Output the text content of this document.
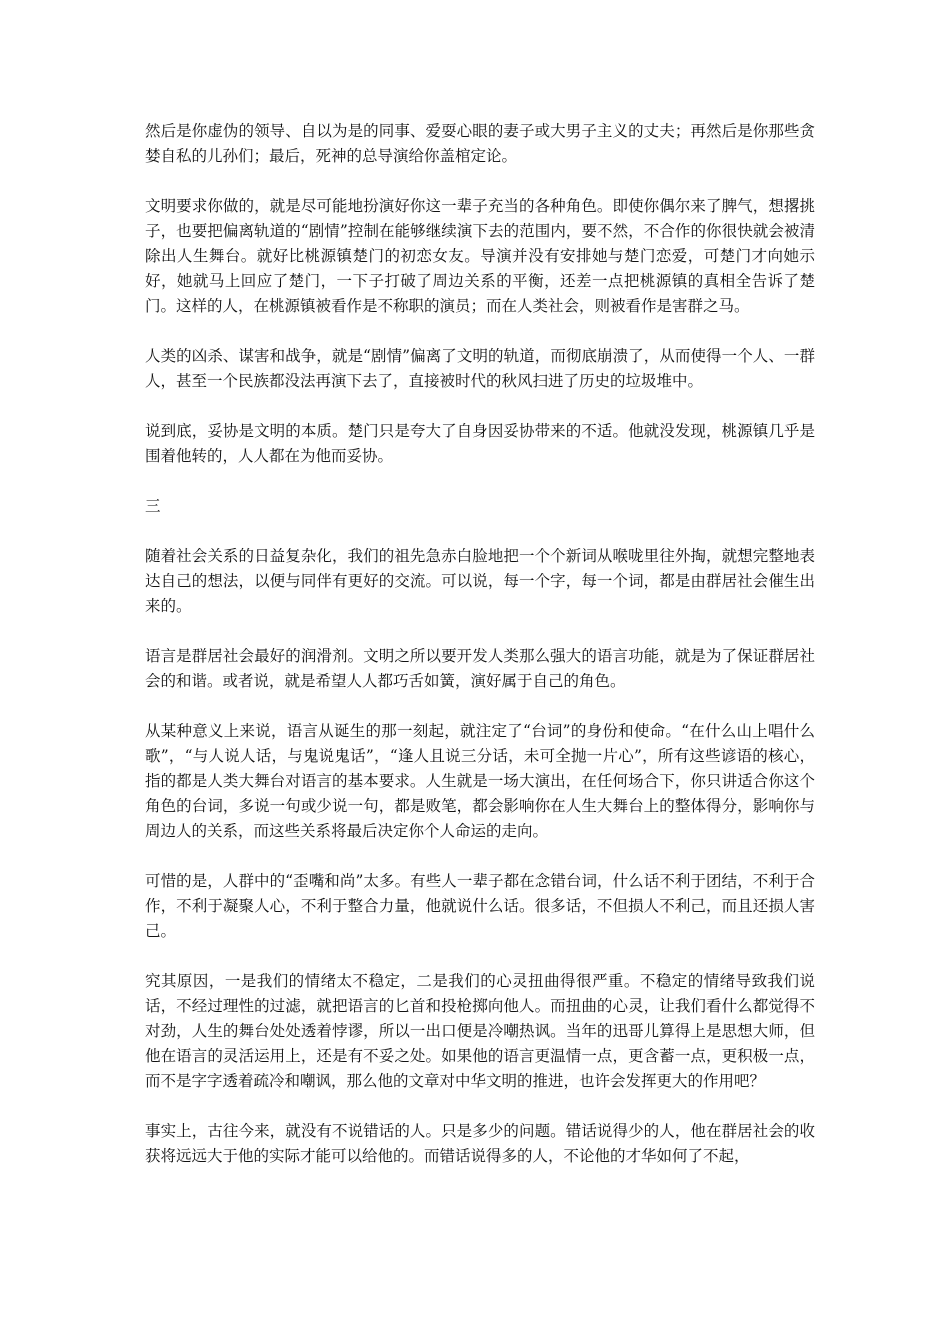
然后是你虚伪的领导、自以为是的同事、爱耍心眼的妻子或大男子主义的丈夫；再然后是你那些贪婪自私的儿孙们；最后，死神的总导演给你盖棺定论。

文明要求你做的，就是尽可能地扮演好你这一辈子充当的各种角色。即使你偶尔来了脾气，想撂挑子，也要把偏离轨道的“剧情”控制在能够继续演下去的范围内，要不然，不合作的你很快就会被清除出人生舞台。就好比桃源镇楚门的初恋女友。导演并没有安排她与楚门恋爱，可楚门才向她示好，她就马上回应了楚门，一下子打破了周边关系的平衡，还差一点把桃源镇的真相全告诉了楚门。这样的人，在桃源镇被看作是不称职的演员；而在人类社会，则被看作是害群之马。

人类的凶杀、谋害和战争，就是“剧情”偏离了文明的轨道，而彻底崩溃了，从而使得一个人、一群人，甚至一个民族都没法再演下去了，直接被时代的秋风扫进了历史的垃圾堆中。

说到底，妥协是文明的本质。楚门只是夸大了自身因妥协带来的不适。他就没发现，桃源镇几乎是围着他转的，人人都在为他而妥协。

三

随着社会关系的日益复杂化，我们的祖先急赤白脸地把一个个新词从喉咙里往外掏，就想完整地表达自己的想法，以便与同伴有更好的交流。可以说，每一个字，每一个词，都是由群居社会催生出来的。

语言是群居社会最好的润滑剂。文明之所以要开发人类那么强大的语言功能，就是为了保证群居社会的和谐。或者说，就是希望人人都巧舌如簧，演好属于自己的角色。

从某种意义上来说，语言从诞生的那一刻起，就注定了“台词”的身份和使命。“在什么山上唱什么歌”，“与人说人话，与鬼说鬼话”，“逢人且说三分话，未可全抛一片心”，所有这些谚语的核心，指的都是人类大舞台对语言的基本要求。人生就是一场大演出，在任何场合下，你只讲适合你这个角色的台词，多说一句或少说一句，都是败笔，都会影响你在人生大舞台上的整体得分，影响你与周边人的关系，而这些关系将最后决定你个人命运的走向。

可惜的是，人群中的“歪嘴和尚”太多。有些人一辈子都在念错台词，什么话不利于团结，不利于合作，不利于凝聚人心，不利于整合力量，他就说什么话。很多话，不但损人不利己，而且还损人害己。

究其原因，一是我们的情绪太不稳定，二是我们的心灵扭曲得很严重。不稳定的情绪导致我们说话，不经过理性的过滤，就把语言的匕首和投枪掷向他人。而扭曲的心灵，让我们看什么都觉得不对劲，人生的舞台处处透着悖谬，所以一出口便是冷嘲热讽。当年的迅哥儿算得上是思想大师，但他在语言的灵活运用上，还是有不妥之处。如果他的语言更温情一点，更含蓄一点，更积极一点，而不是字字透着疏冷和嘲讽，那么他的文章对中华文明的推进，也许会发挥更大的作用吧？

事实上，古往今来，就没有不说错话的人。只是多少的问题。错话说得少的人，他在群居社会的收获将远远大于他的实际才能可以给他的。而错话说得多的人，不论他的才华如何了不起，
